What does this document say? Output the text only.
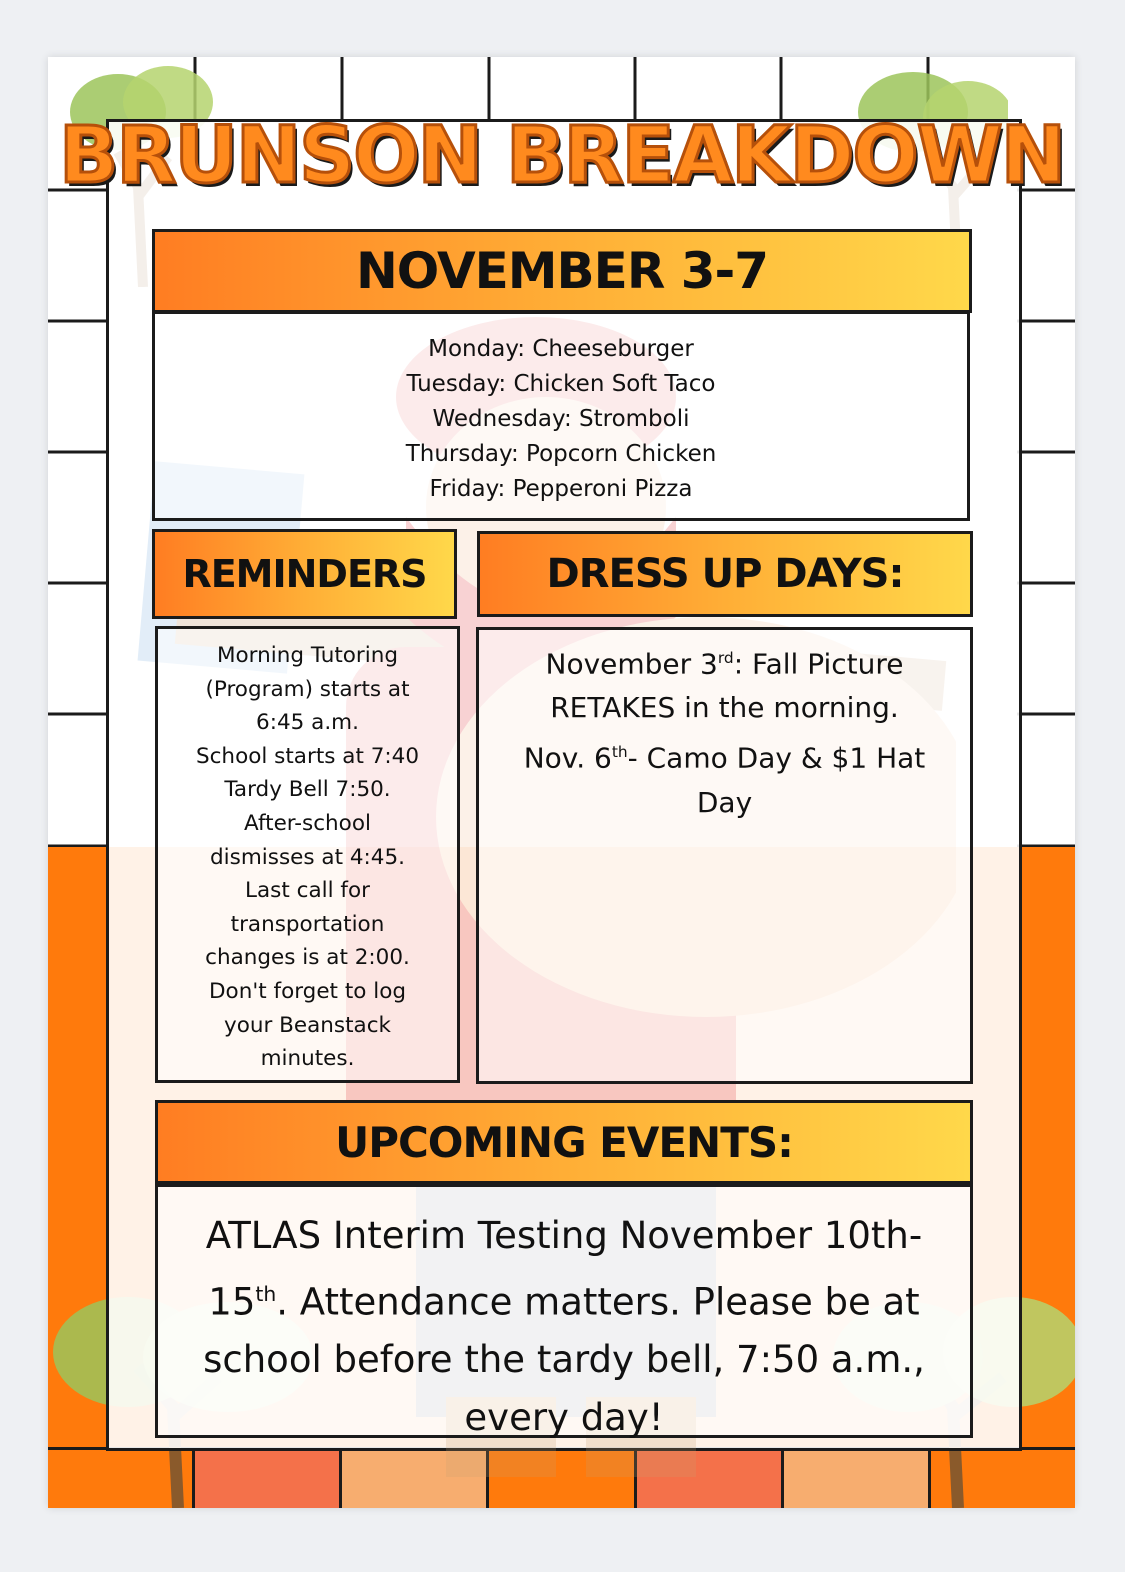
BRUNSON BREAKDOWN
NOVEMBER 3-7
Monday: Cheeseburger
Tuesday: Chicken Soft Taco
Wednesday: Stromboli
Thursday: Popcorn Chicken
Friday: Pepperoni Pizza
REMINDERS
Morning Tutoring
(Program) starts at
6:45 a.m.
School starts at 7:40
Tardy Bell 7:50.
After-school
dismisses at 4:45.
Last call for
transportation
changes is at 2:00.
Don't forget to log
your Beanstack
minutes.
DRESS UP DAYS:
November 3rd: Fall Picture
RETAKES in the morning.
Nov. 6th- Camo Day & $1 Hat
Day
UPCOMING EVENTS:
ATLAS Interim Testing November 10th-
15th. Attendance matters. Please be at
school before the tardy bell, 7:50 a.m.,
every day!
